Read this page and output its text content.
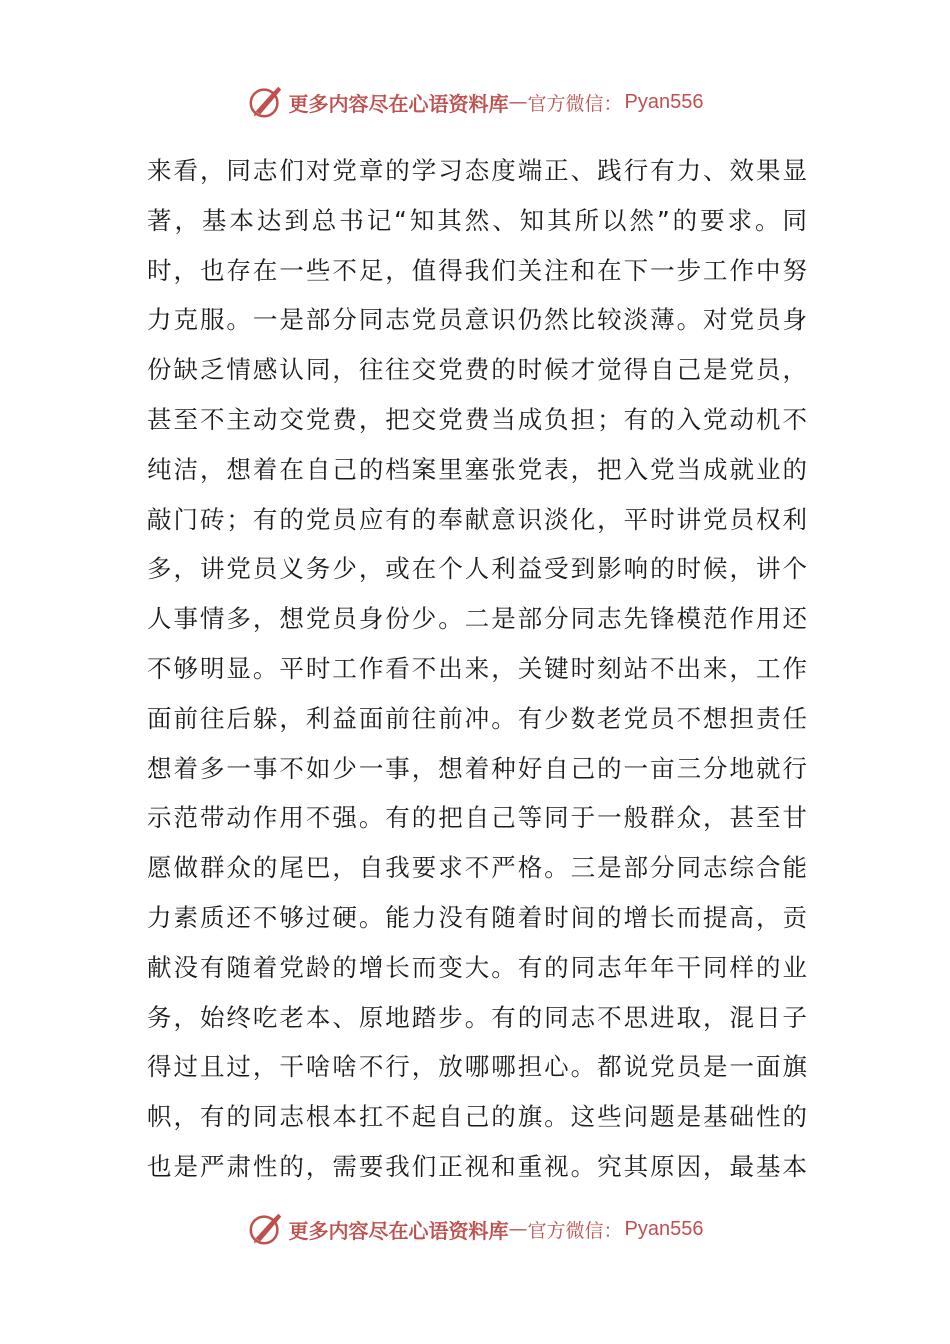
更多内容尽在心语资料库 — 官方微信： Pyan556
来看，同志们对党章的学习态度端正、践行有力、效果显
著，基本达到总书记“知其然、知其所以然”的要求。同
时，也存在一些不足，值得我们关注和在下一步工作中努
力克服。一是部分同志党员意识仍然比较淡薄。对党员身
份缺乏情感认同，往往交党费的时候才觉得自己是党员，
甚至不主动交党费，把交党费当成负担；有的入党动机不
纯洁，想着在自己的档案里塞张党表，把入党当成就业的
敲门砖；有的党员应有的奉献意识淡化，平时讲党员权利
多，讲党员义务少，或在个人利益受到影响的时候，讲个
人事情多，想党员身份少。二是部分同志先锋模范作用还
不够明显。平时工作看不出来，关键时刻站不出来，工作
面前往后躲，利益面前往前冲。有少数老党员不想担责任
想着多一事不如少一事，想着种好自己的一亩三分地就行
示范带动作用不强。有的把自己等同于一般群众，甚至甘
愿做群众的尾巴，自我要求不严格。三是部分同志综合能
力素质还不够过硬。能力没有随着时间的增长而提高，贡
献没有随着党龄的增长而变大。有的同志年年干同样的业
务，始终吃老本、原地踏步。有的同志不思进取，混日子
得过且过，干啥啥不行，放哪哪担心。都说党员是一面旗
帜，有的同志根本扛不起自己的旗。这些问题是基础性的
也是严肃性的，需要我们正视和重视。究其原因，最基本
更多内容尽在心语资料库 — 官方微信： Pyan556
